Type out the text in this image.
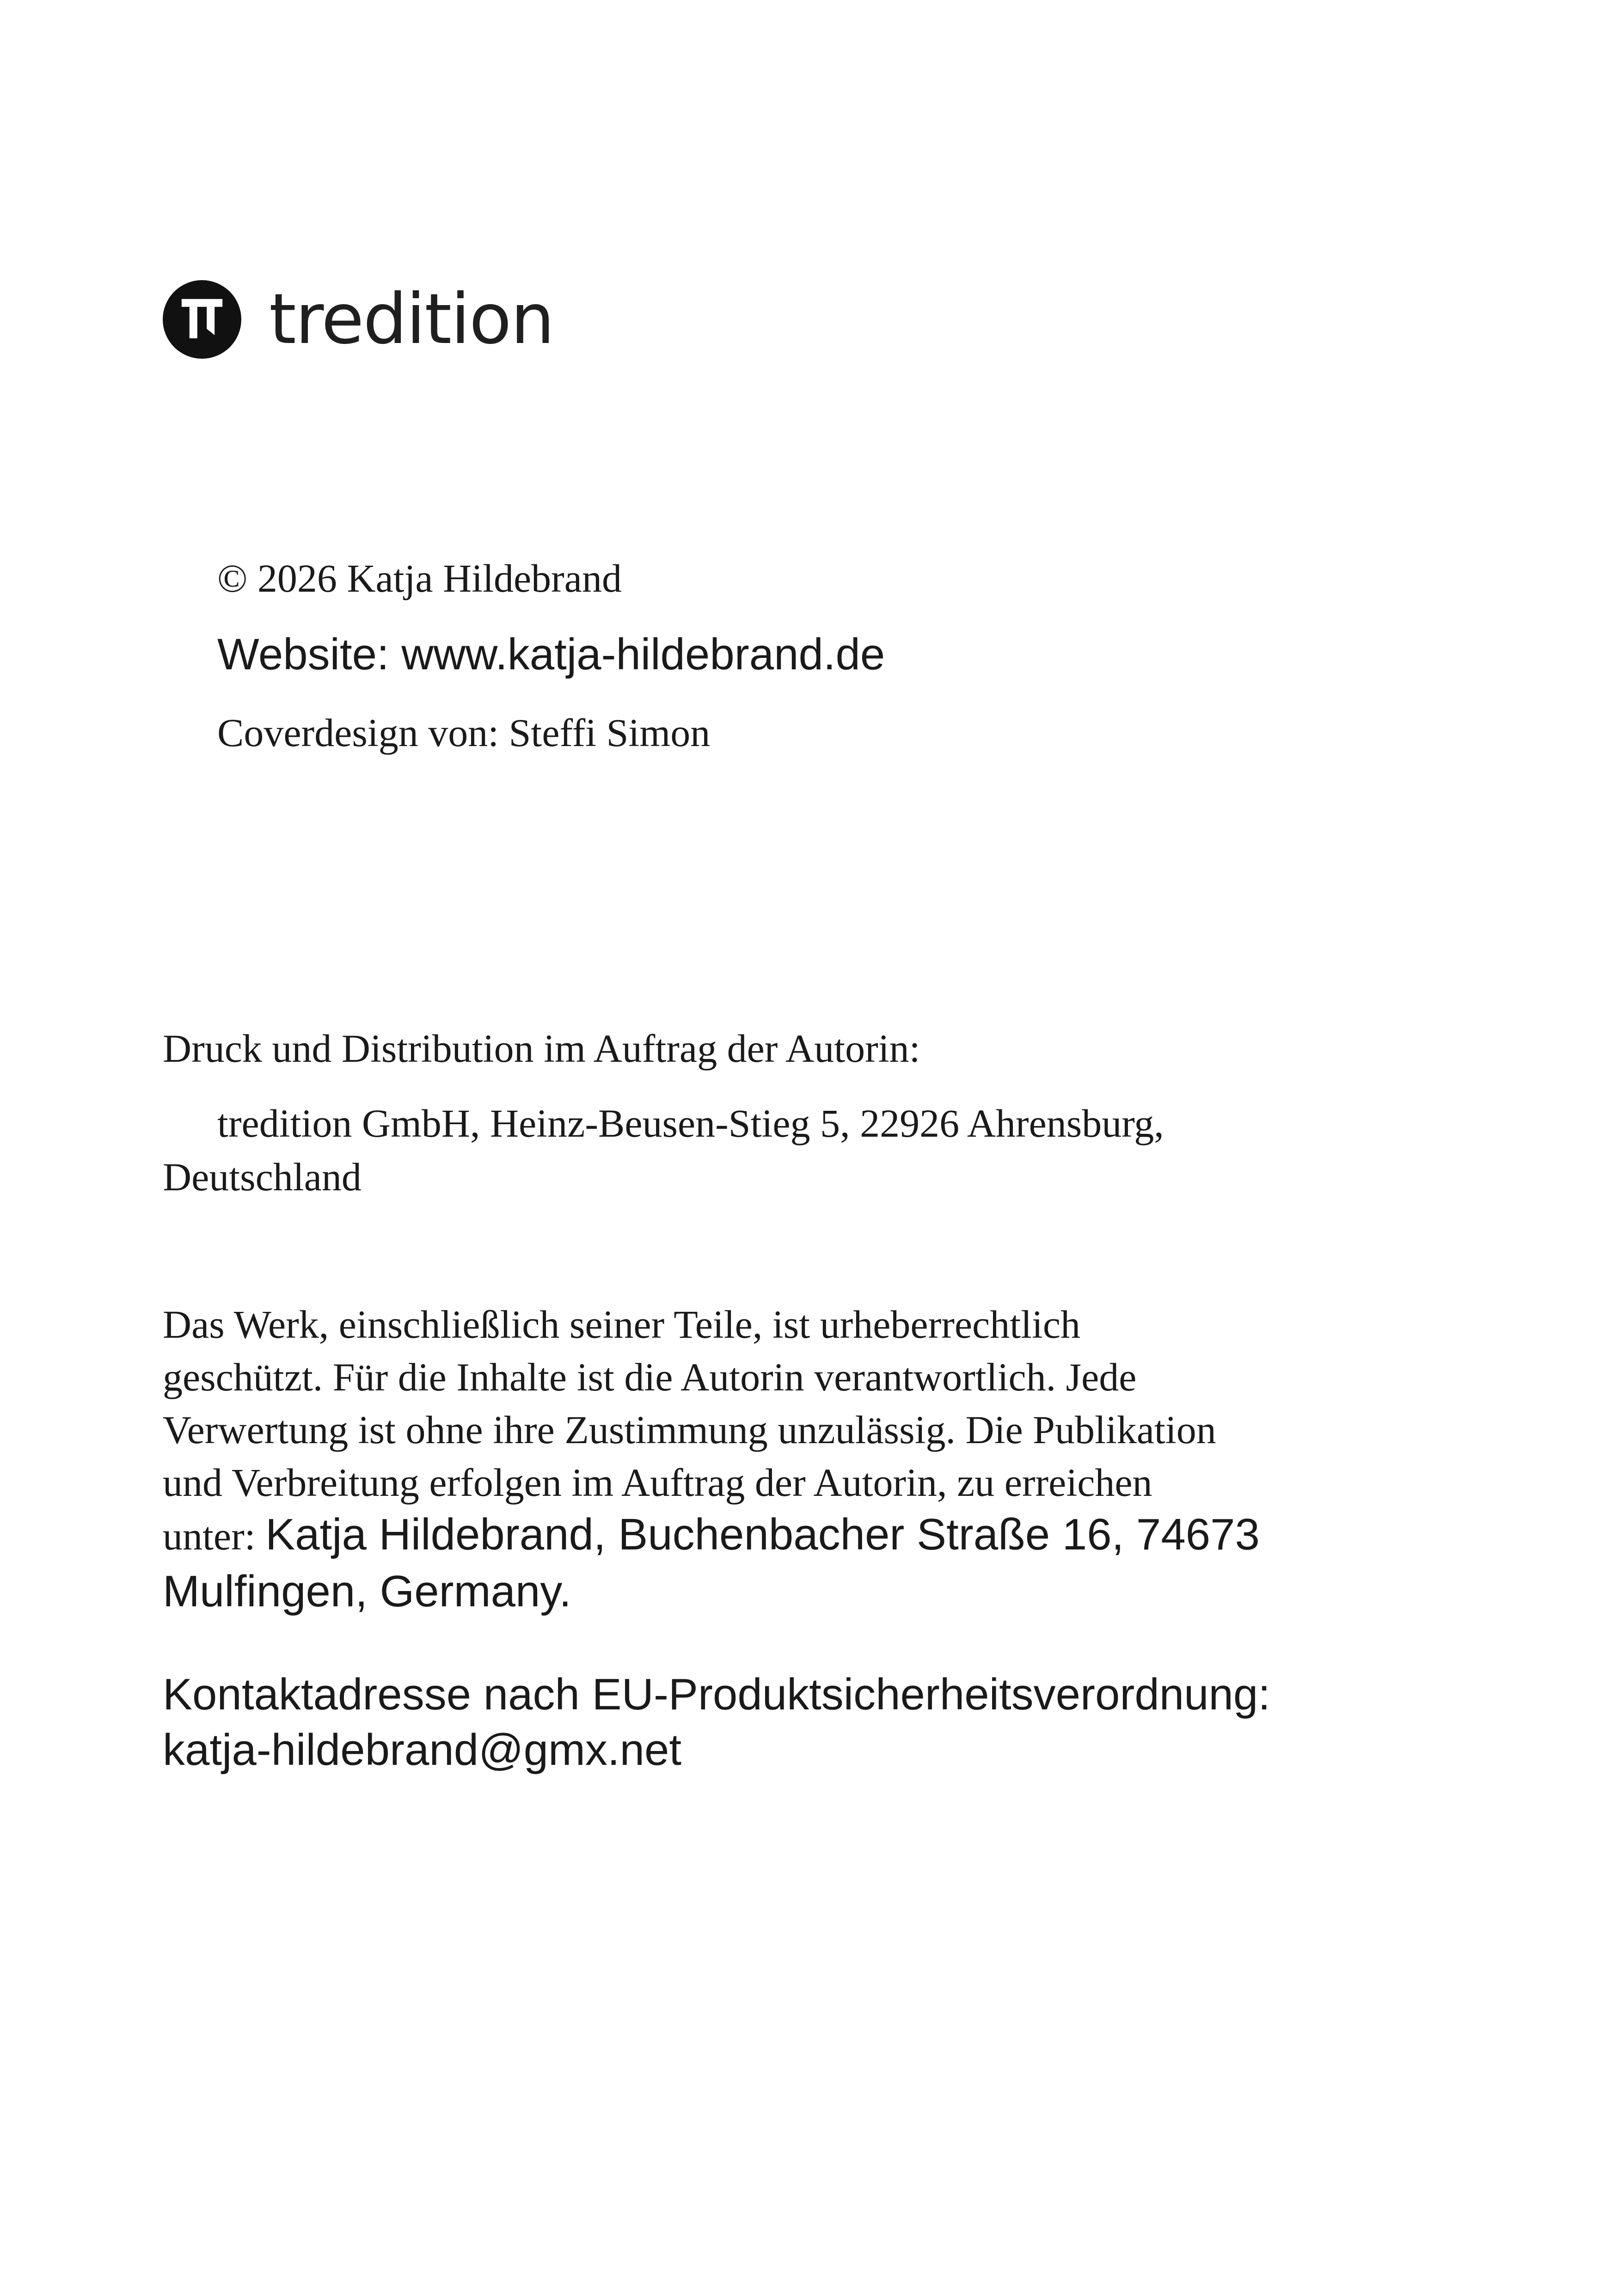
tredition
© 2026 Katja Hildebrand
Website: www.katja-hildebrand.de
Coverdesign von: Steffi Simon
Druck und Distribution im Auftrag der Autorin:
tredition GmbH, Heinz-Beusen-Stieg 5, 22926 Ahrensburg,
Deutschland
Das Werk, einschließlich seiner Teile, ist urheberrechtlich
geschützt. Für die Inhalte ist die Autorin verantwortlich. Jede
Verwertung ist ohne ihre Zustimmung unzulässig. Die Publikation
und Verbreitung erfolgen im Auftrag der Autorin, zu erreichen
unter: Katja Hildebrand, Buchenbacher Straße 16, 74673
Mulfingen, Germany.
Kontaktadresse nach EU-Produktsicherheitsverordnung:
katja-hildebrand@gmx.net
